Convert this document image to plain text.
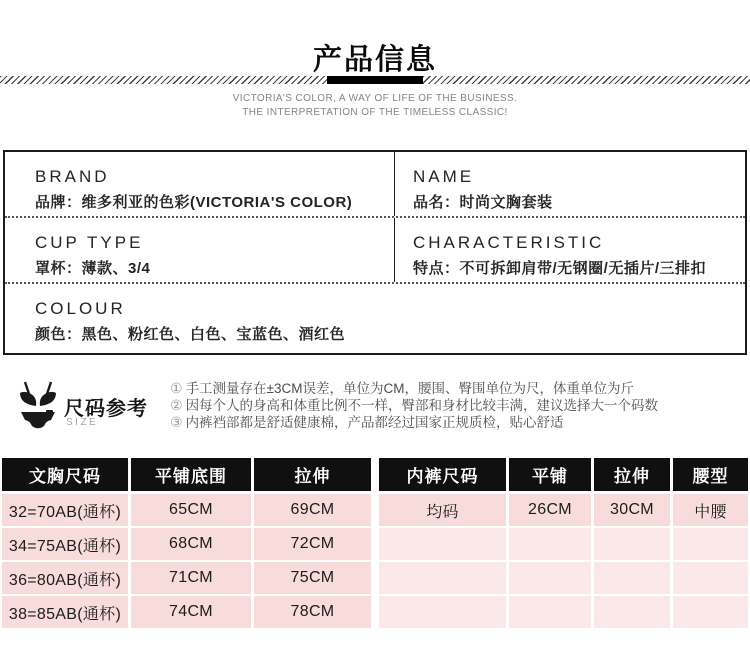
产品信息
VICTORIA'S COLOR, A WAY OF LIFE OF THE BUSINESS.
THE INTERPRETATION OF THE TIMELESS CLASSIC!
BRAND
品牌：维多利亚的色彩(VICTORIA'S COLOR)
NAME
品名：时尚文胸套装
CUP TYPE
罩杯：薄款、3/4
CHARACTERISTIC
特点：不可拆卸肩带/无钢圈/无插片/三排扣
COLOUR
颜色：黑色、粉红色、白色、宝蓝色、酒红色
尺码参考
SIZE
① 手工测量存在±3CM误差，单位为CM，腰围、臀围单位为尺，体重单位为斤
② 因每个人的身高和体重比例不一样，臀部和身材比较丰满，建议选择大一个码数
③ 内裤裆部都是舒适健康棉，产品都经过国家正规质检，贴心舒适
文胸尺码	平铺底围	拉伸
32=70AB(通杯)	65CM	69CM
34=75AB(通杯)	68CM	72CM
36=80AB(通杯)	71CM	75CM
38=85AB(通杯)	74CM	78CM
内裤尺码	平铺	拉伸	腰型
均码	26CM	30CM	中腰
